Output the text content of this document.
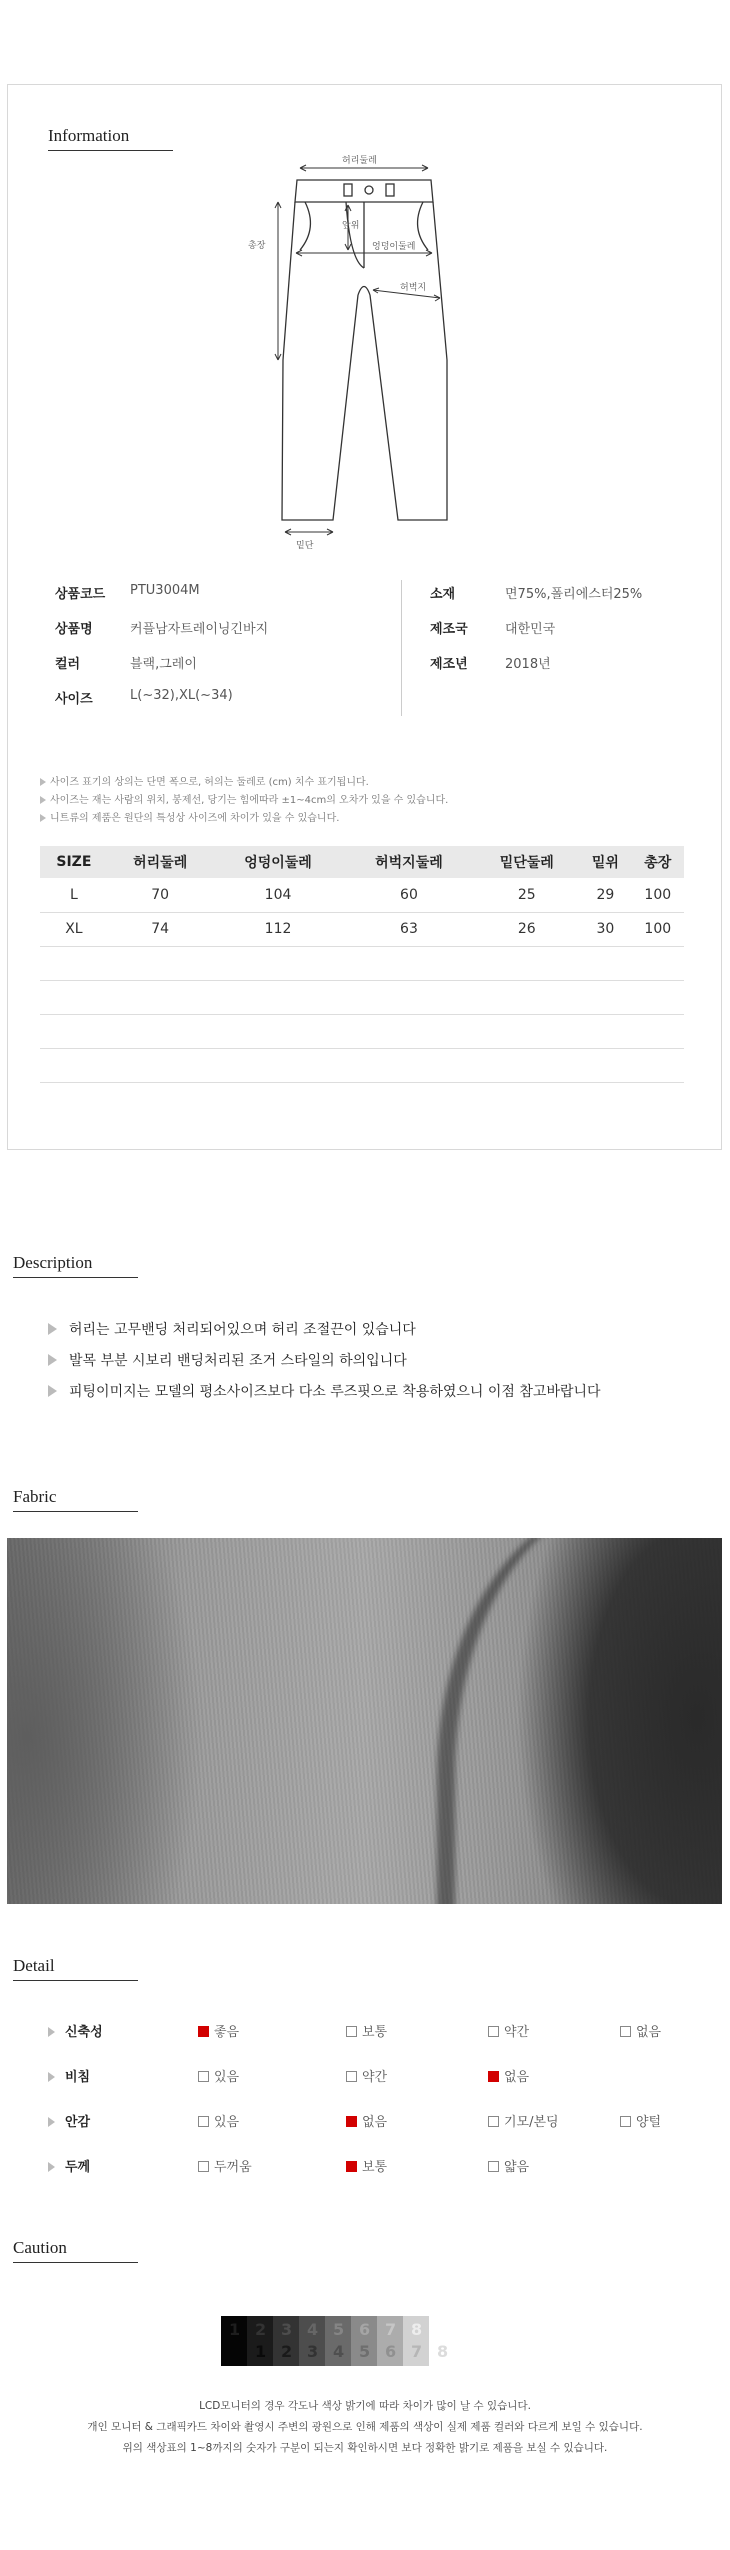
Information
허리둘레
앞위
엉덩이둘레
허벅지
총장
밑단
상품코드 PTU3004M
상품명	커플남자트레이닝긴바지
컬러	블랙,그레이
사이즈	L(~32),XL(~34)
소재	면75%,폴리에스터25%
제조국	대한민국
제조년	2018년
사이즈 표기의 상의는 단면 폭으로, 허의는 둘레로 (cm) 치수 표기됩니다.
사이즈는 재는 사람의 위치, 봉제선, 당기는 힘에따라 ±1~4cm의 오차가 있을 수 있습니다.
니트류의 제품은 원단의 특성상 사이즈에 차이가 있을 수 있습니다.
SIZE	허리둘레	엉덩이둘레	허벅지둘레	밑단둘레	밑위	총장
L	70	104	60	25	29	100
XL	74	112	63	26	30	100

Description
허리는 고무밴딩 처리되어있으며 허리 조절끈이 있습니다
발목 부분 시보리 밴딩처리된 조거 스타일의 하의입니다
피팅이미지는 모델의 평소사이즈보다 다소 루즈핏으로 착용하였으니 이점 참고바랍니다
Fabric
Detail
신축성	좋음	보통	약간	없음
비침	있음	약간	없음
안감	있음	없음	기모/본딩	양털
두께	두꺼움	보통	얇음
Caution
1 2
1
3
2
4
3
5
4
6
5
7
6
8
7 8
LCD모니터의 경우 각도나 색상 밝기에 따라 차이가 많이 날 수 있습니다.
개인 모니터 & 그래픽카드 차이와 촬영시 주변의 광원으로 인해 제품의 색상이 실제 제품 컬러와 다르게 보일 수 있습니다.
위의 색상표의 1~8까지의 숫자가 구분이 되는지 확인하시면 보다 정확한 밝기로 제품을 보실 수 있습니다.
